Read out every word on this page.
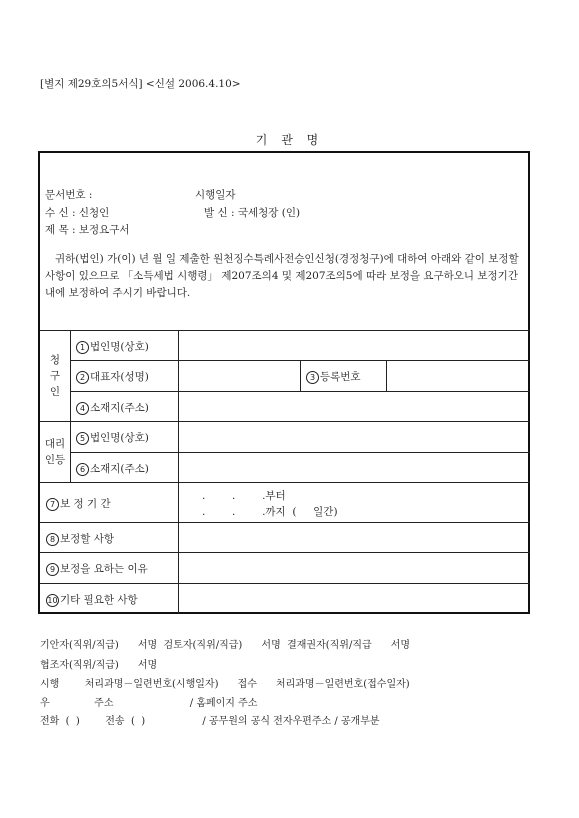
[별지 제29호의5서식] <신설 2006.4.10>
기 관 명
문서번호 :	시행일자
수 신 : 신청인	발 신 : 국세청장 (인)
제 목 : 보정요구서
귀하(법인) 가(이) 년 월 일 제출한 원천징수특례사전승인신청(경정청구)에 대하여 아래와 같이 보정할 사항이 있으므로 「소득세법 시행령」 제207조의4 및 제207조의5에 따라 보정을 요구하오니 보정기간 내에 보정하여 주시기 바랍니다.
청
구
인
1 법인명(상호)
2 대표자(성명)	3 등록번호
4 소재지(주소)
대리
인등
5 법인명(상호)
6 소재지(주소)
7 보 정 기 간
.        .        .부터
.        .        .까지  (     일간)
8 보정할 사항
9 보정을 요하는 이유
10 기타 필요한 사항
기안자(직위/직급)      서명  검토자(직위/직급)      서명  결재권자(직위/직급      서명
협조자(직위/직급)      서명
시행        처리과명－일련번호(시행일자)      접수      처리과명－일련번호(접수일자)
우              주소                        / 홈페이지 주소
전화  (  )        전송  (  )                  / 공무원의 공식 전자우편주소 / 공개부분
